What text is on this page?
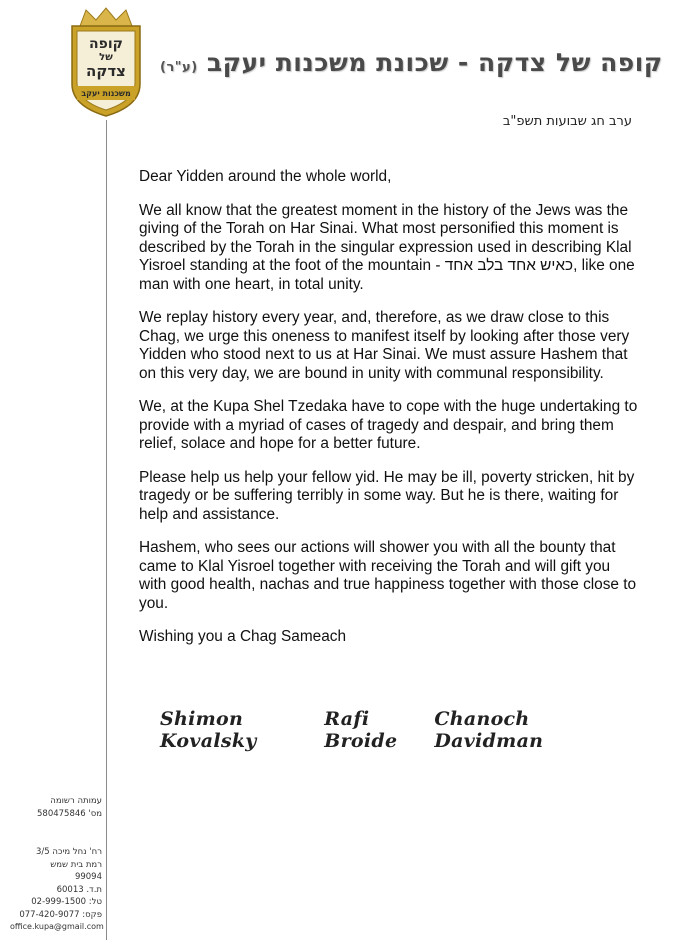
קופה
של
צדקה
משכנות יעקב
קופה של צדקה - שכונת משכנות יעקב (ע"ר)
ערב חג שבועות תשפ"ב

Dear Yidden around the whole world,

We all know that the greatest moment in the history of the Jews was the giving of the Torah on Har Sinai. What most personified this moment is described by the Torah in the singular expression used in describing Klal Yisroel standing at the foot of the mountain - כאיש אחד בלב אחד, like one man with one heart, in total unity.

We replay history every year, and, therefore, as we draw close to this Chag, we urge this oneness to manifest itself by looking after those very Yidden who stood next to us at Har Sinai. We must assure Hashem that on this very day, we are bound in unity with communal responsibility.

We, at the Kupa Shel Tzedaka have to cope with the huge undertaking to provide with a myriad of cases of tragedy and despair, and bring them relief, solace and hope for a better future.

Please help us help your fellow yid. He may be ill, poverty stricken, hit by tragedy or be suffering terribly in some way. But he is there, waiting for help and assistance.

Hashem, who sees our actions will shower you with all the bounty that came to Klal Yisroel together with receiving the Torah and will gift you with good health, nachas and true happiness together with those close to you.

Wishing you a Chag Sameach

Shimon Kovalsky
Rafi Broide
Chanoch Davidman
עמותה רשומה
מס' 580475846
רח' נחל מיכה 3/5
רמת בית שמש
99094
ת.ד. 60013
טל: 02-999-1500
פקס: 077-420-9077
office.kupa@gmail.com
